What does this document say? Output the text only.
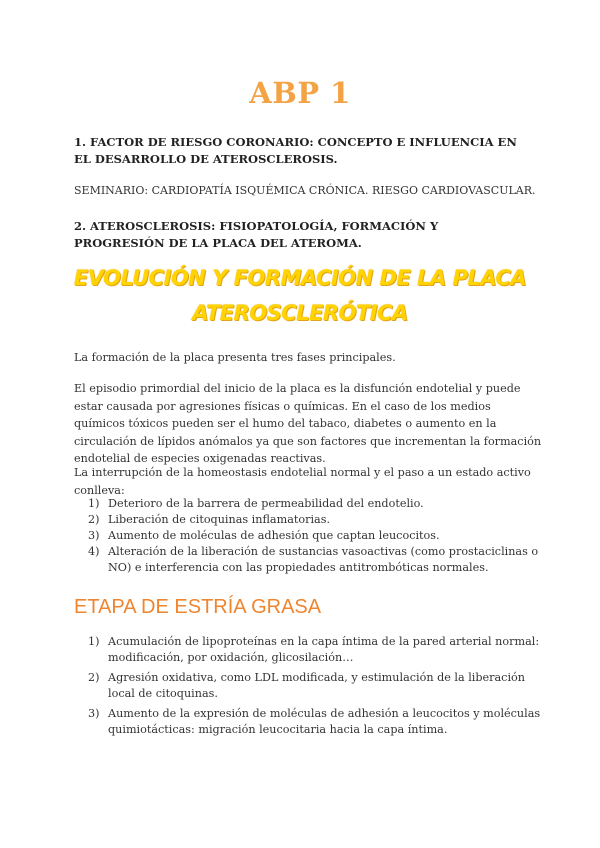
ABP 1
1. FACTOR DE RIESGO CORONARIO: CONCEPTO E INFLUENCIA EN EL DESARROLLO DE ATEROSCLEROSIS.
SEMINARIO: CARDIOPATÍA ISQUÉMICA CRÓNICA. RIESGO CARDIOVASCULAR.
2. ATEROSCLEROSIS: FISIOPATOLOGÍA, FORMACIÓN Y PROGRESIÓN DE LA PLACA DEL ATEROMA.
EVOLUCIÓN Y FORMACIÓN DE LA PLACA
ATEROSCLERÓTICA
La formación de la placa presenta tres fases principales.
El episodio primordial del inicio de la placa es la disfunción endotelial y puede estar causada por agresiones físicas o químicas. En el caso de los medios químicos tóxicos pueden ser el humo del tabaco, diabetes o aumento en la circulación de lípidos anómalos ya que son factores que incrementan la formación endotelial de especies oxigenadas reactivas.
La interrupción de la homeostasis endotelial normal y el paso a un estado activo conlleva:
1) Deterioro de la barrera de permeabilidad del endotelio.
2) Liberación de citoquinas inflamatorias.
3) Aumento de moléculas de adhesión que captan leucocitos.
4) Alteración de la liberación de sustancias vasoactivas (como prostaciclinas o NO) e interferencia con las propiedades antitrombóticas normales.
ETAPA DE ESTRÍA GRASA
1) Acumulación de lipoproteínas en la capa íntima de la pared arterial normal: modificación, por oxidación, glicosilación…
2) Agresión oxidativa, como LDL modificada, y estimulación de la liberación local de citoquinas.
3) Aumento de la expresión de moléculas de adhesión a leucocitos y moléculas quimiotácticas: migración leucocitaria hacia la capa íntima.
